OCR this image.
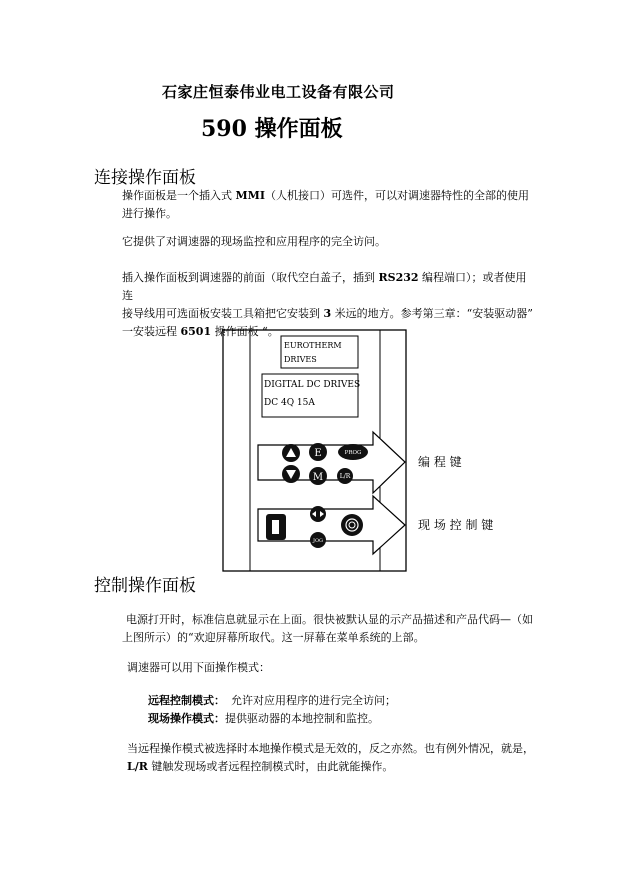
石家庄恒泰伟业电工设备有限公司
590 操作面板
连接操作面板
操作面板是一个插入式 MMI（人机接口）可选件，可以对调速器特性的全部的使用
进行操作。
它提供了对调速器的现场监控和应用程序的完全访问。
插入操作面板到调速器的前面（取代空白盖子，插到 RS232 编程端口）；或者使用连
接导线用可选面板安装工具箱把它安装到 3 米远的地方。参考第三章：“安装驱动器”
一安装远程 6501 操作面板 “。
EUROTHERM
DRIVES
DIGITAL DC DRIVES
DC 4Q 15A
E	PROG
M	L/R
JOG
编 程 键
现 场 控 制 键
控制操作面板
电源打开时，标准信息就显示在上面。很快被默认显的示产品描述和产品代码—（如
上图所示）的“欢迎屏幕所取代。这一屏幕在菜单系统的上部。
调速器可以用下面操作模式：
远程控制模式： 允许对应用程序的进行完全访问；
现场操作模式：提供驱动器的本地控制和监控。
当远程操作模式被选择时本地操作模式是无效的，反之亦然。也有例外情况，就是，
L/R 键触发现场或者远程控制模式时，由此就能操作。
